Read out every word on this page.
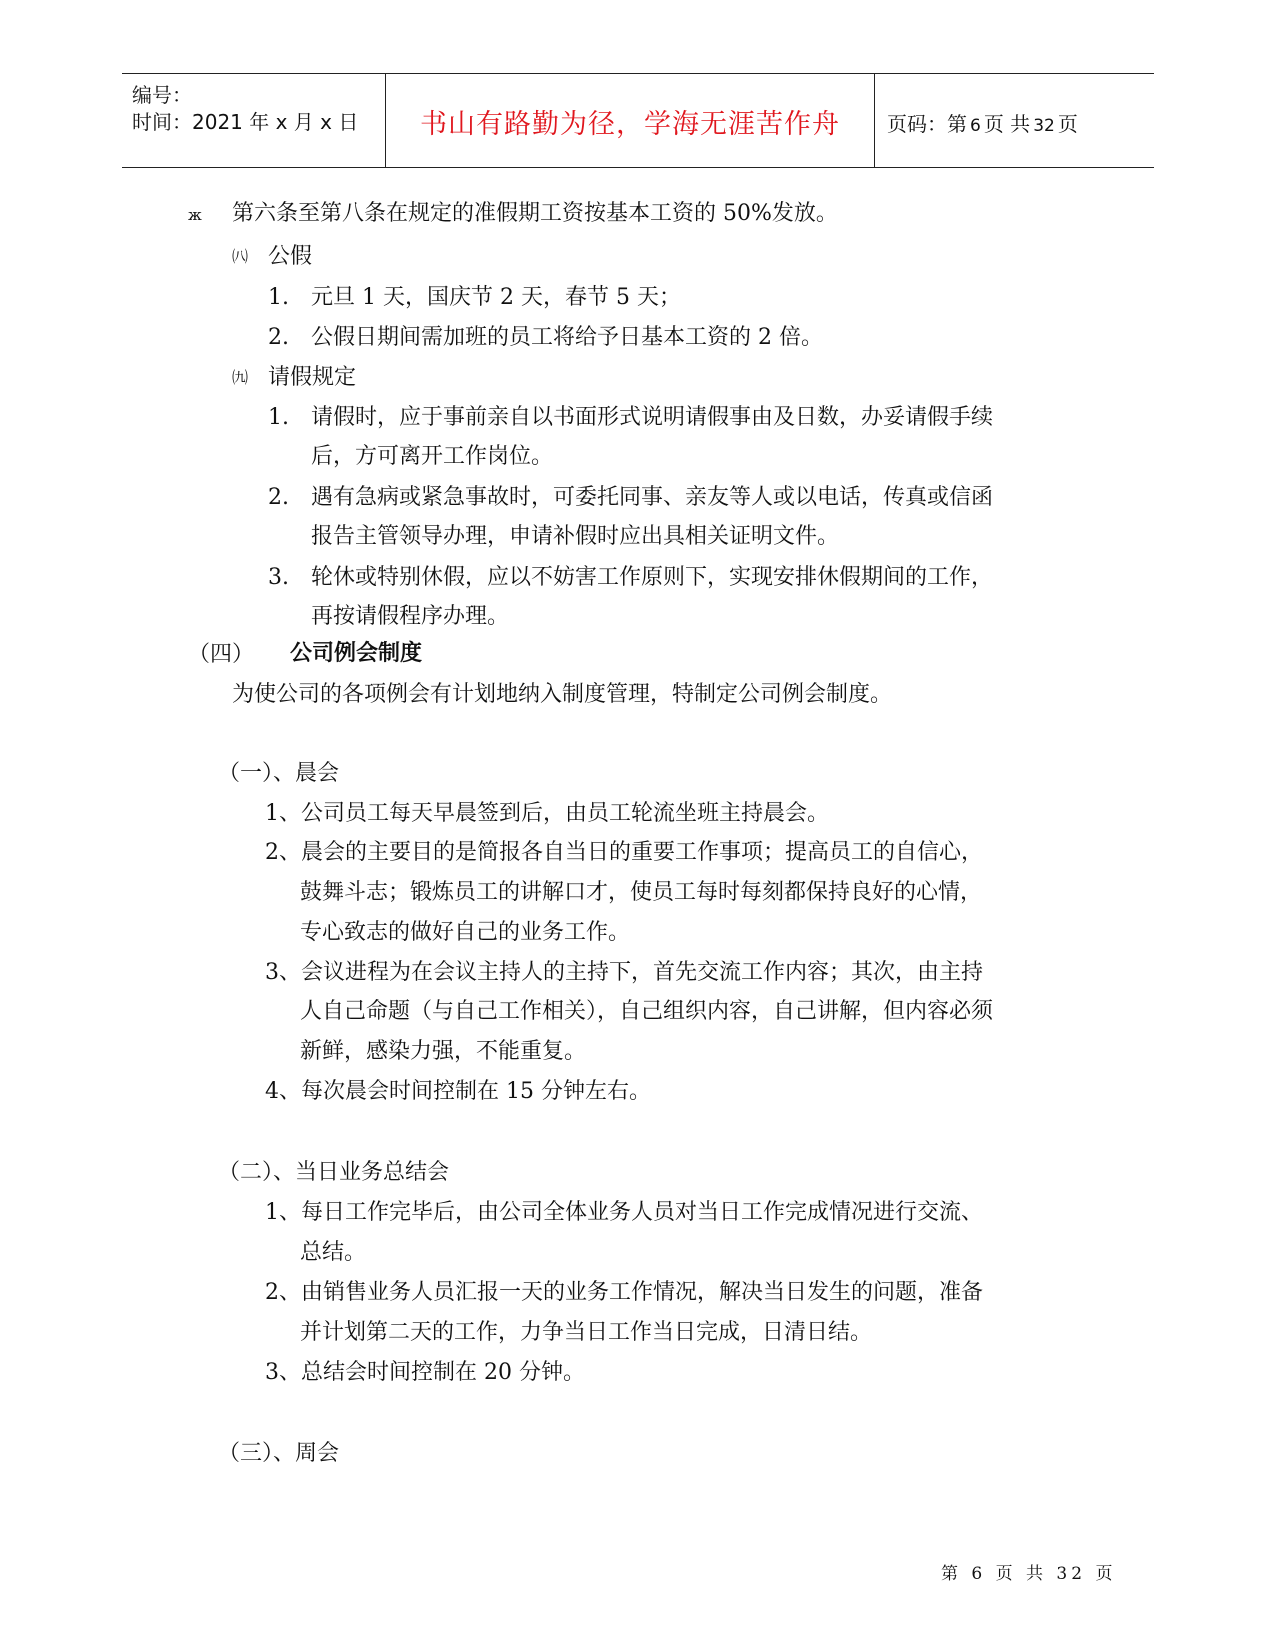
编号：
时间：2021 年 x 月 x 日	书山有路勤为径，学海无涯苦作舟	页码：第 6 页 共 32 页
ж 第六条至第八条在规定的准假期工资按基本工资的 50%发放。
㈧ 公假
1. 元旦 1 天，国庆节 2 天，春节 5 天；
2. 公假日期间需加班的员工将给予日基本工资的 2 倍。
㈨ 请假规定
1. 请假时，应于事前亲自以书面形式说明请假事由及日数，办妥请假手续
后，方可离开工作岗位。
2. 遇有急病或紧急事故时，可委托同事、亲友等人或以电话，传真或信函
报告主管领导办理，申请补假时应出具相关证明文件。
3. 轮休或特别休假，应以不妨害工作原则下，实现安排休假期间的工作，
再按请假程序办理。
（四） 公司例会制度
为使公司的各项例会有计划地纳入制度管理，特制定公司例会制度。
（一）、晨会
1、公司员工每天早晨签到后，由员工轮流坐班主持晨会。
2、晨会的主要目的是简报各自当日的重要工作事项；提高员工的自信心，
鼓舞斗志；锻炼员工的讲解口才，使员工每时每刻都保持良好的心情，
专心致志的做好自己的业务工作。
3、会议进程为在会议主持人的主持下，首先交流工作内容；其次，由主持
人自己命题（与自己工作相关），自己组织内容，自己讲解，但内容必须
新鲜，感染力强，不能重复。
4、每次晨会时间控制在 15 分钟左右。
（二）、当日业务总结会
1、每日工作完毕后，由公司全体业务人员对当日工作完成情况进行交流、
总结。
2、由销售业务人员汇报一天的业务工作情况，解决当日发生的问题，准备
并计划第二天的工作，力争当日工作当日完成，日清日结。
3、总结会时间控制在 20 分钟。
（三）、周会
第 6 页 共 32 页
